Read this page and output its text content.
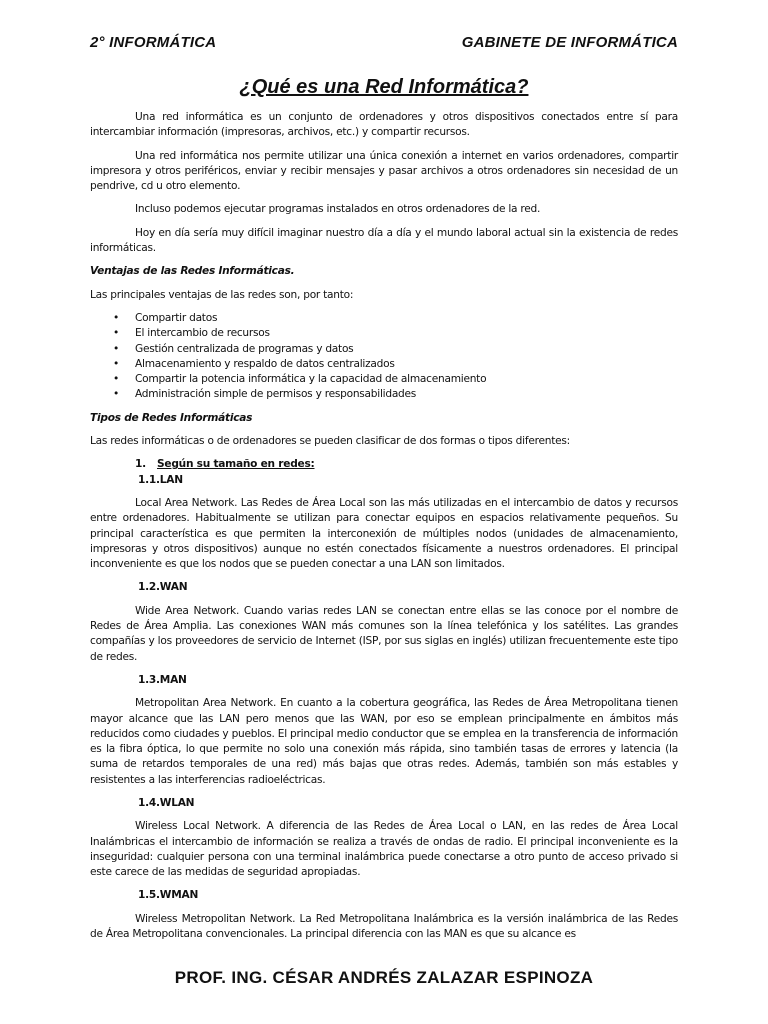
2° INFORMÁTICA	GABINETE DE INFORMÁTICA
¿Qué es una Red Informática?

Una red informática es un conjunto de ordenadores y otros dispositivos conectados entre sí para intercambiar información (impresoras, archivos, etc.) y compartir recursos.

Una red informática nos permite utilizar una única conexión a internet en varios ordenadores, compartir impresora y otros periféricos, enviar y recibir mensajes y pasar archivos a otros ordenadores sin necesidad de un pendrive, cd u otro elemento.

Incluso podemos ejecutar programas instalados en otros ordenadores de la red.

Hoy en día sería muy difícil imaginar nuestro día a día y el mundo laboral actual sin la existencia de redes informáticas.

Ventajas de las Redes Informáticas.

Las principales ventajas de las redes son, por tanto:

• Compartir datos
• El intercambio de recursos
• Gestión centralizada de programas y datos
• Almacenamiento y respaldo de datos centralizados
• Compartir la potencia informática y la capacidad de almacenamiento
• Administración simple de permisos y responsabilidades
Tipos de Redes Informáticas

Las redes informáticas o de ordenadores se pueden clasificar de dos formas o tipos diferentes:

1. Según su tamaño en redes:
1.1.LAN

Local Area Network. Las Redes de Área Local son las más utilizadas en el intercambio de datos y recursos entre ordenadores. Habitualmente se utilizan para conectar equipos en espacios relativamente pequeños. Su principal característica es que permiten la interconexión de múltiples nodos (unidades de almacenamiento, impresoras y otros dispositivos) aunque no estén conectados físicamente a nuestros ordenadores. El principal inconveniente es que los nodos que se pueden conectar a una LAN son limitados.

1.2.WAN

Wide Area Network. Cuando varias redes LAN se conectan entre ellas se las conoce por el nombre de Redes de Área Amplia. Las conexiones WAN más comunes son la línea telefónica y los satélites. Las grandes compañías y los proveedores de servicio de Internet (ISP, por sus siglas en inglés) utilizan frecuentemente este tipo de redes.

1.3.MAN

Metropolitan Area Network. En cuanto a la cobertura geográfica, las Redes de Área Metropolitana tienen mayor alcance que las LAN pero menos que las WAN, por eso se emplean principalmente en ámbitos más reducidos como ciudades y pueblos. El principal medio conductor que se emplea en la transferencia de información es la fibra óptica, lo que permite no solo una conexión más rápida, sino también tasas de errores y latencia (la suma de retardos temporales de una red) más bajas que otras redes. Además, también son más estables y resistentes a las interferencias radioeléctricas.

1.4.WLAN

Wireless Local Network. A diferencia de las Redes de Área Local o LAN, en las redes de Área Local Inalámbricas el intercambio de información se realiza a través de ondas de radio. El principal inconveniente es la inseguridad: cualquier persona con una terminal inalámbrica puede conectarse a otro punto de acceso privado si este carece de las medidas de seguridad apropiadas.

1.5.WMAN

Wireless Metropolitan Network. La Red Metropolitana Inalámbrica es la versión inalámbrica de las Redes de Área Metropolitana convencionales. La principal diferencia con las MAN es que su alcance es

PROF. ING. CÉSAR ANDRÉS ZALAZAR ESPINOZA
